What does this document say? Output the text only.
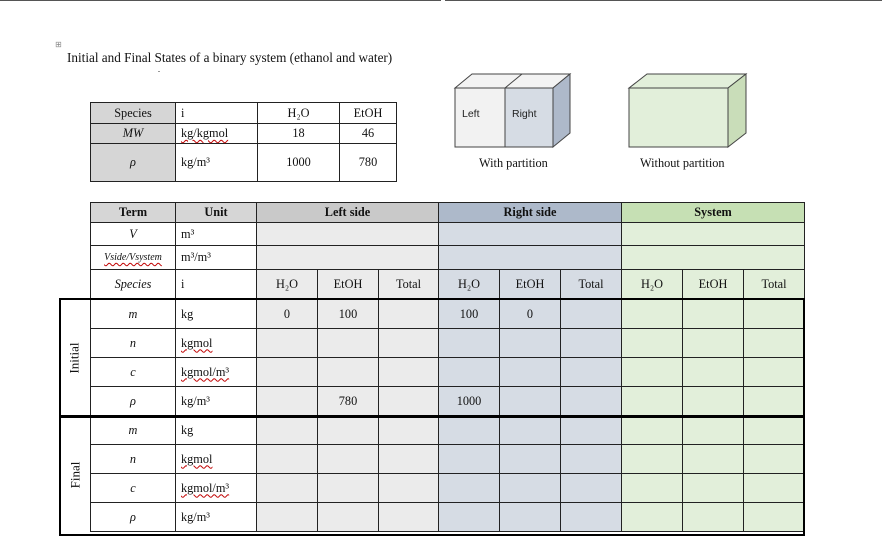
⊞
Initial and Final States of a binary system (ethanol and water)
Species	i	H₂O	EtOH
MW	kg/kgmol	18	46
ρ	kg/m³	1000	780
Left	Right
With partition	Without partition
Term	Unit	Left side			Right side			System		
V	m³									
Vside/Vsystem	m³/m³									
Species	i	H₂O	EtOH	Total	H₂O	EtOH	Total	H₂O	EtOH	Total
m	kg	0	100		100	0				
n	kgmol									
c	kgmol/m³									
ρ	kg/m³		780		1000					
m	kg									
n	kgmol									
c	kgmol/m³									
ρ	kg/m³									
Initial
Final
